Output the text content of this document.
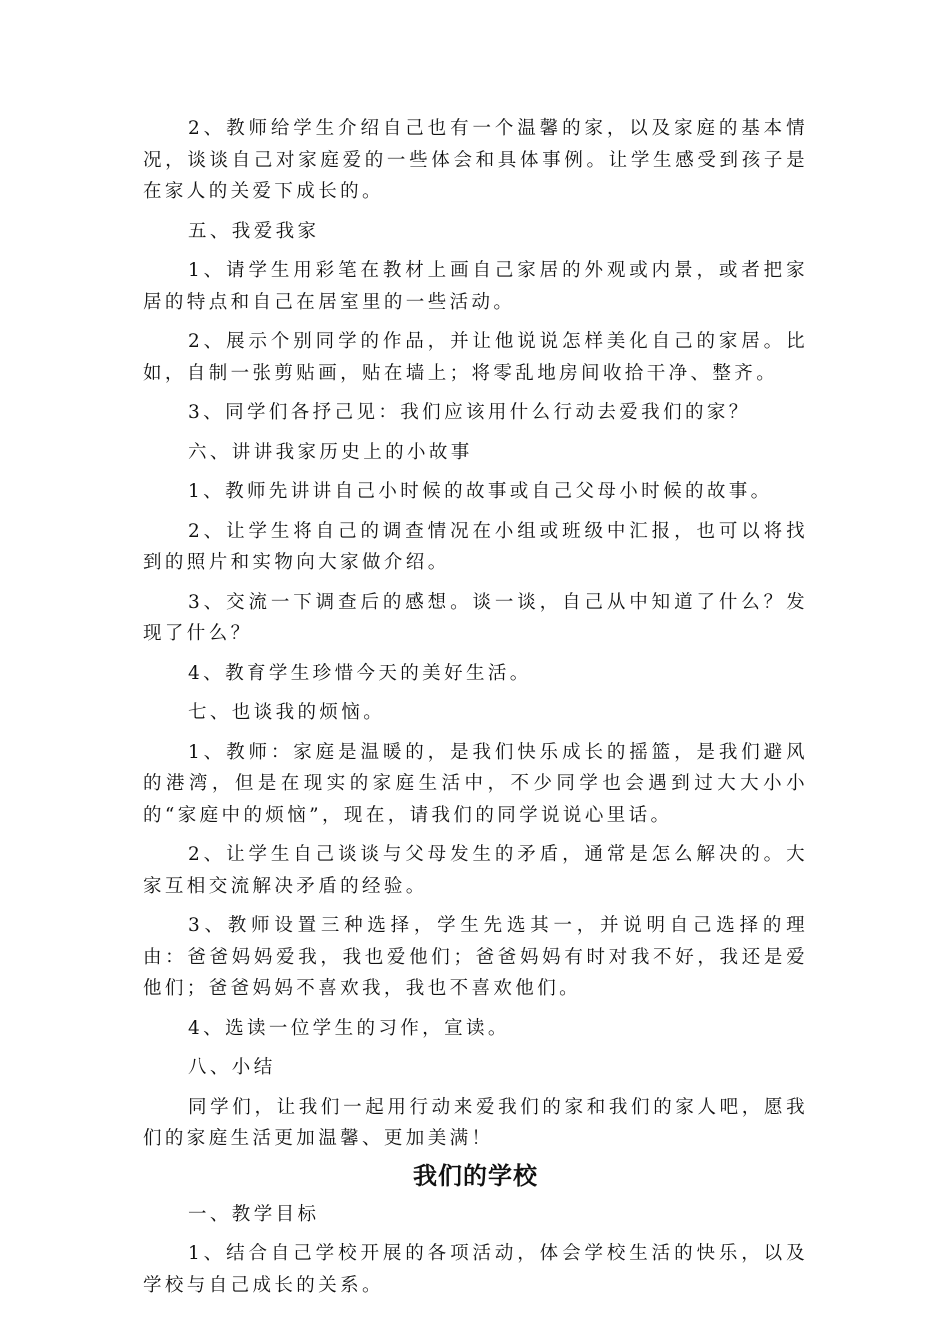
2、教师给学生介绍自己也有一个温馨的家，以及家庭的基本情况，谈谈自己对家庭爱的一些体会和具体事例。让学生感受到孩子是在家人的关爱下成长的。

五、我爱我家

1、请学生用彩笔在教材上画自己家居的外观或内景，或者把家居的特点和自己在居室里的一些活动。

2、展示个别同学的作品，并让他说说怎样美化自己的家居。比如，自制一张剪贴画，贴在墙上；将零乱地房间收拾干净、整齐。

3、同学们各抒己见：我们应该用什么行动去爱我们的家？

六、讲讲我家历史上的小故事

1、教师先讲讲自己小时候的故事或自己父母小时候的故事。

2、让学生将自己的调查情况在小组或班级中汇报，也可以将找到的照片和实物向大家做介绍。

3、交流一下调查后的感想。谈一谈，自己从中知道了什么？发现了什么？

4、教育学生珍惜今天的美好生活。

七、也谈我的烦恼。

1、教师：家庭是温暖的，是我们快乐成长的摇篮，是我们避风的港湾，但是在现实的家庭生活中，不少同学也会遇到过大大小小的“家庭中的烦恼”，现在，请我们的同学说说心里话。

2、让学生自己谈谈与父母发生的矛盾，通常是怎么解决的。大家互相交流解决矛盾的经验。

3、教师设置三种选择，学生先选其一，并说明自己选择的理由：爸爸妈妈爱我，我也爱他们；爸爸妈妈有时对我不好，我还是爱他们；爸爸妈妈不喜欢我，我也不喜欢他们。

4、选读一位学生的习作，宣读。

八、小结

同学们，让我们一起用行动来爱我们的家和我们的家人吧，愿我们的家庭生活更加温馨、更加美满！

我们的学校

一、教学目标

1、结合自己学校开展的各项活动，体会学校生活的快乐，以及学校与自己成长的关系。
